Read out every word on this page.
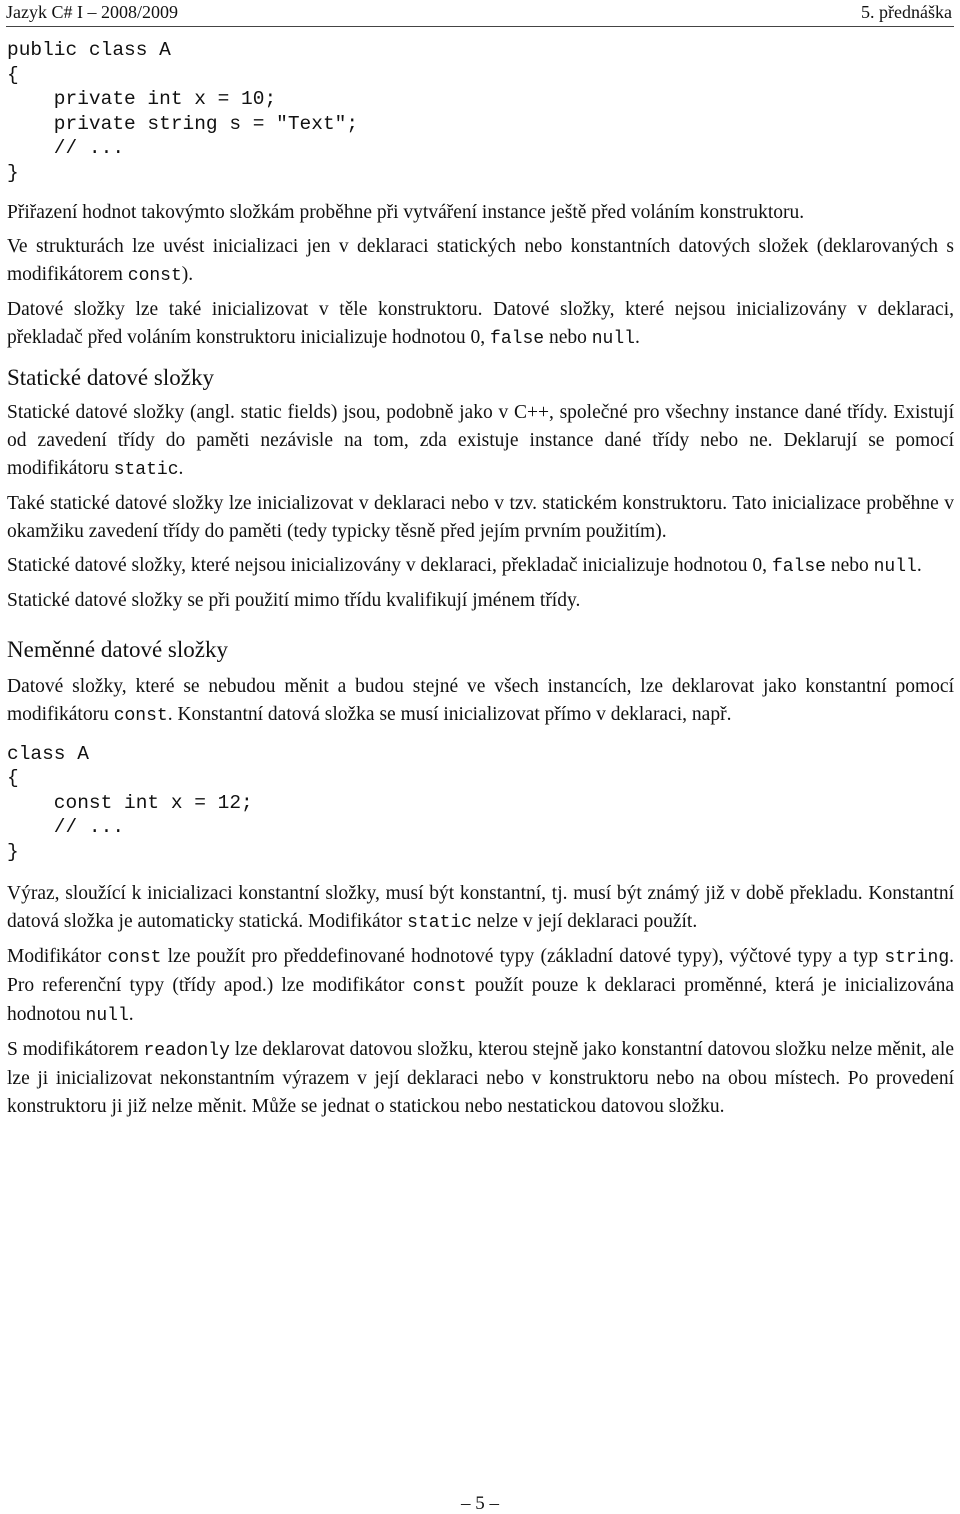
Jazyk C# I – 2008/2009	5. přednáška
public class A
{
private int x = 10;
private string s = "Text";
// ...
}

Přiřazení hodnot takovýmto složkám proběhne při vytváření instance ještě před voláním konstruktoru.

Ve strukturách lze uvést inicializaci jen v deklaraci statických nebo konstantních datových složek (deklarovaných s modifikátorem const).

Datové složky lze také inicializovat v těle konstruktoru. Datové složky, které nejsou inicializovány v deklaraci, překladač před voláním konstruktoru inicializuje hodnotou 0, false nebo null.

Statické datové složky

Statické datové složky (angl. static fields) jsou, podobně jako v C++, společné pro všechny instance dané třídy. Existují od zavedení třídy do paměti nezávisle na tom, zda existuje instance dané třídy nebo ne. Deklarují se pomocí modifikátoru static.

Také statické datové složky lze inicializovat v deklaraci nebo v tzv. statickém konstruktoru. Tato inicializace proběhne v okamžiku zavedení třídy do paměti (tedy typicky těsně před jejím prvním použitím).

Statické datové složky, které nejsou inicializovány v deklaraci, překladač inicializuje hodnotou 0, false nebo null.

Statické datové složky se při použití mimo třídu kvalifikují jménem třídy.

Neměnné datové složky

Datové složky, které se nebudou měnit a budou stejné ve všech instancích, lze deklarovat jako konstantní pomocí modifikátoru const. Konstantní datová složka se musí inicializovat přímo v deklaraci, např.

class A
{
const int x = 12;
// ...
}

Výraz, sloužící k inicializaci konstantní složky, musí být konstantní, tj. musí být známý již v době překladu. Konstantní datová složka je automaticky statická. Modifikátor static nelze v její deklaraci použít.

Modifikátor const lze použít pro předdefinované hodnotové typy (základní datové typy), výčtové typy a typ string. Pro referenční typy (třídy apod.) lze modifikátor const použít pouze k deklaraci proměnné, která je inicializována hodnotou null.

S modifikátorem readonly lze deklarovat datovou složku, kterou stejně jako konstantní datovou složku nelze měnit, ale lze ji inicializovat nekonstantním výrazem v její deklaraci nebo v konstruktoru nebo na obou místech. Po provedení konstruktoru ji již nelze měnit. Může se jednat o statickou nebo nestatickou datovou složku.

– 5 –
